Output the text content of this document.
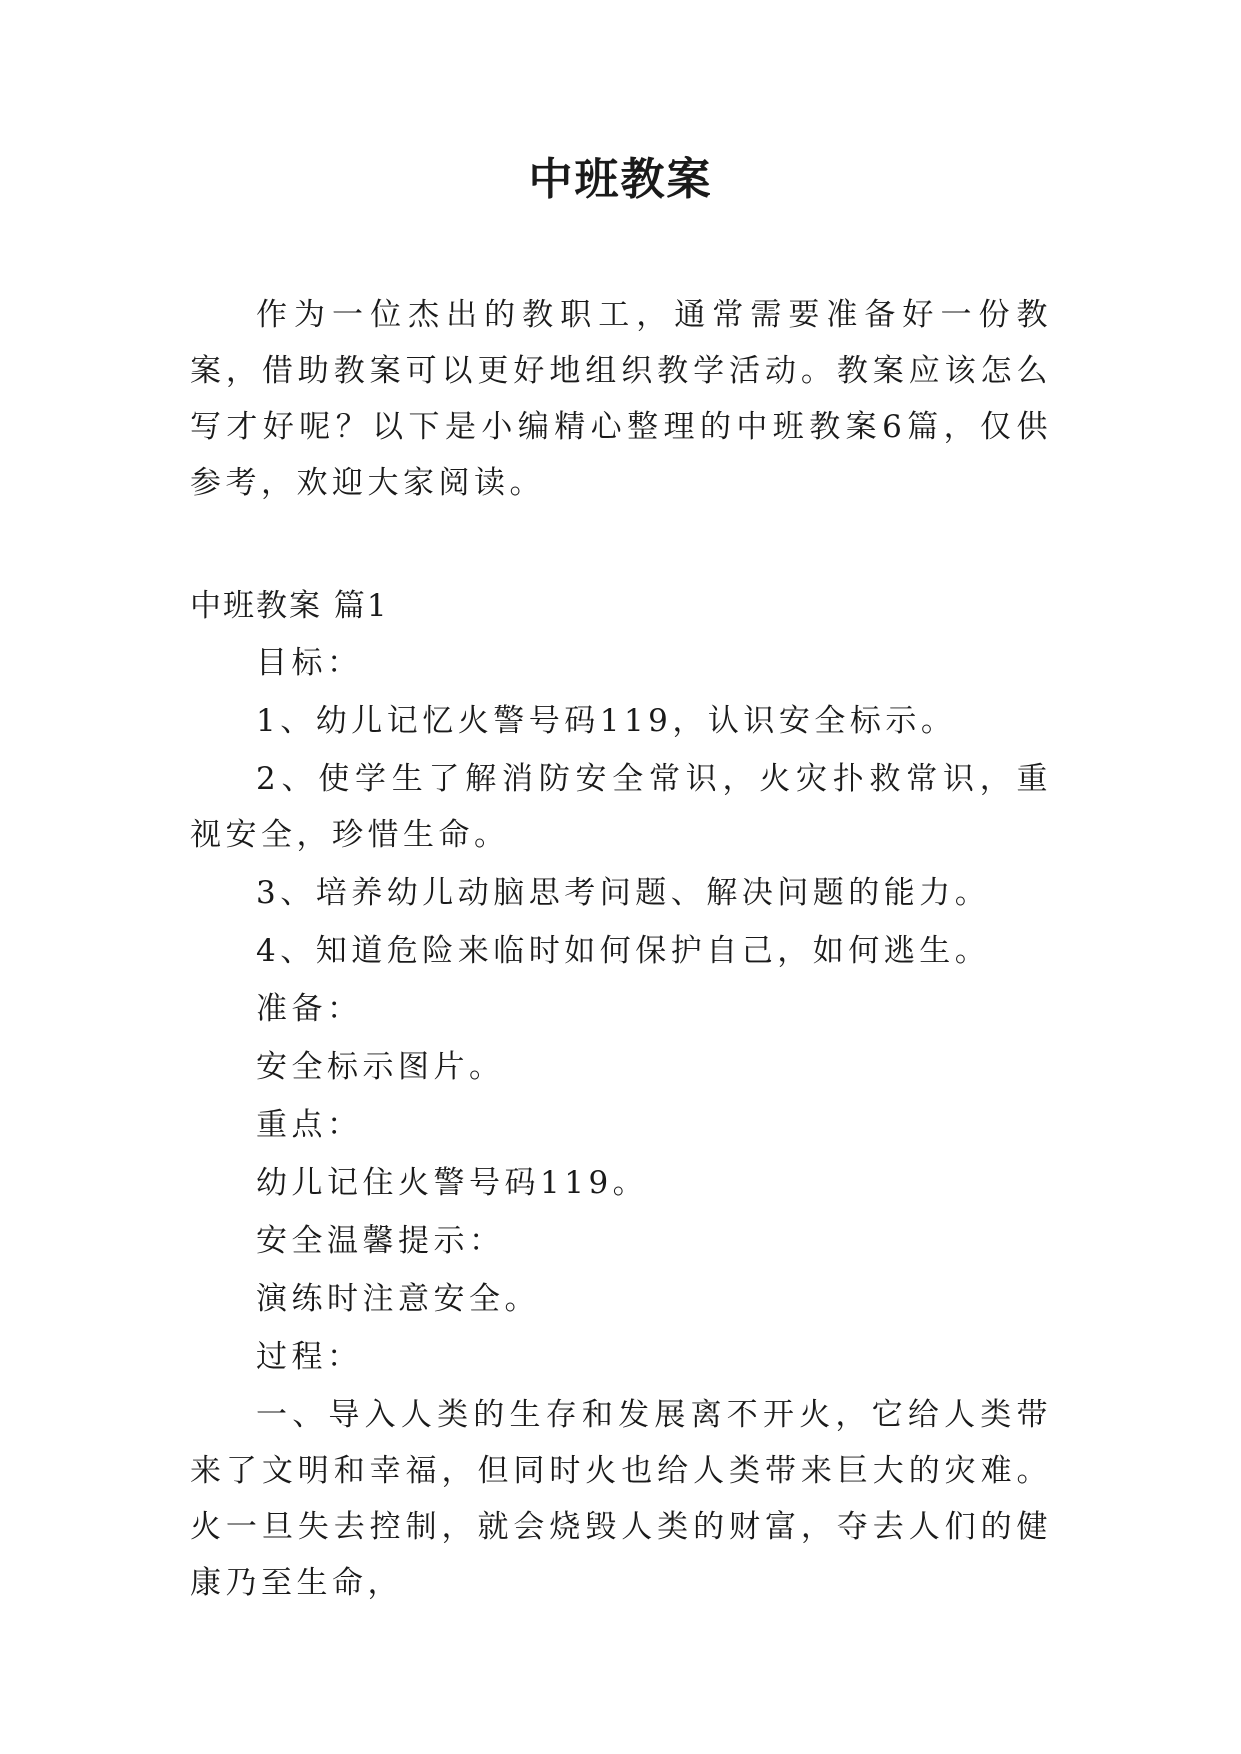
中班教案

作为一位杰出的教职工，通常需要准备好一份教案，借助教案可以更好地组织教学活动。教案应该怎么写才好呢？以下是小编精心整理的中班教案6篇，仅供参考，欢迎大家阅读。

中班教案 篇1

目标：

1、幼儿记忆火警号码119，认识安全标示。

2、使学生了解消防安全常识，火灾扑救常识，重视安全，珍惜生命。

3、培养幼儿动脑思考问题、解决问题的能力。

4、知道危险来临时如何保护自己，如何逃生。

准备：

安全标示图片。

重点：

幼儿记住火警号码119。

安全温馨提示：

演练时注意安全。

过程：

一、导入人类的生存和发展离不开火，它给人类带来了文明和幸福，但同时火也给人类带来巨大的灾难。火一旦失去控制，就会烧毁人类的财富，夺去人们的健康乃至生命，
